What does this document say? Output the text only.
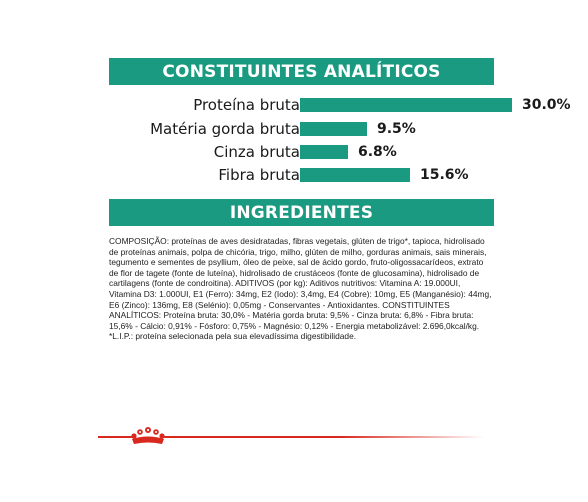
CONSTITUINTES ANALÍTICOS
Proteína bruta	30.0%
Matéria gorda bruta	9.5%
Cinza bruta	6.8%
Fibra bruta	15.6%
INGREDIENTES

COMPOSIÇÃO: proteínas de aves desidratadas, fibras vegetais, glúten de trigo*, tapioca, hidrolisado de proteínas animais, polpa de chicória, trigo, milho, glúten de milho, gorduras animais, sais minerais, tegumento e sementes de psyllium, óleo de peixe, sal de ácido gordo, fruto-oligossacarídeos, extrato de flor de tagete (fonte de luteína), hidrolisado de crustáceos (fonte de glucosamina), hidrolisado de cartilagens (fonte de condroitina). ADITIVOS (por kg): Aditivos nutritivos: Vitamina A: 19.000UI, Vitamina D3: 1.000UI, E1 (Ferro): 34mg, E2 (Iodo): 3,4mg, E4 (Cobre): 10mg, E5 (Manganésio): 44mg, E6 (Zinco): 136mg, E8 (Selénio): 0,05mg - Conservantes - Antioxidantes. CONSTITUINTES ANALÍTICOS: Proteína bruta: 30,0% - Matéria gorda bruta: 9,5% - Cinza bruta: 6,8% - Fibra bruta: 15,6% - Cálcio: 0,91% - Fósforo: 0,75% - Magnésio: 0,12% - Energia metabolizável: 2.696,0kcal/kg. *L.I.P.: proteína selecionada pela sua elevadíssima digestibilidade.
